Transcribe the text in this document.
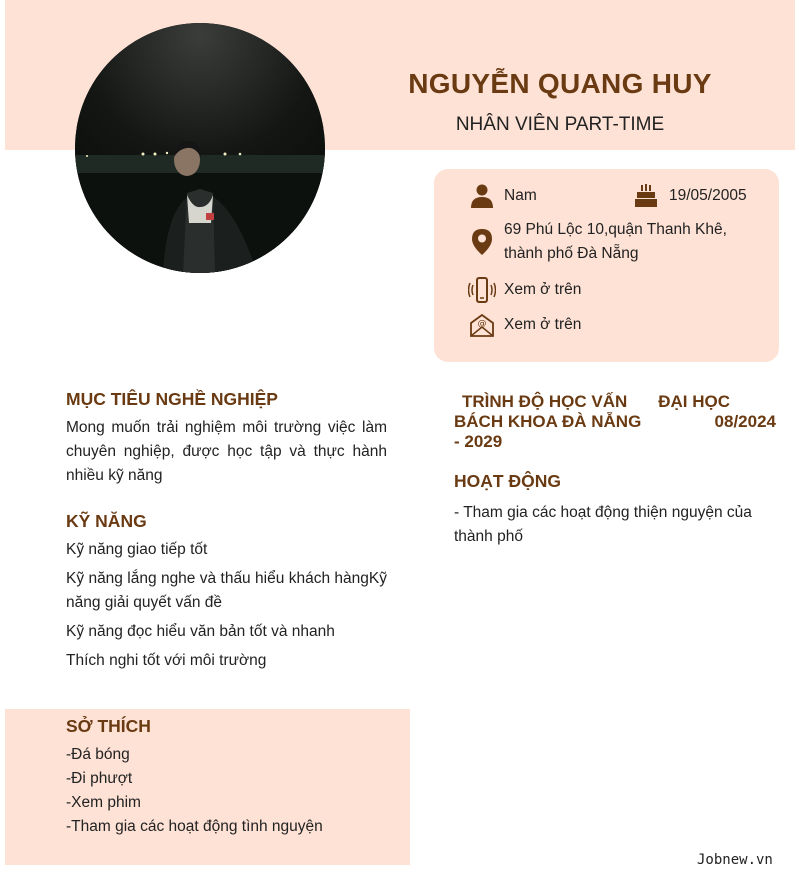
NGUYỄN QUANG HUY
NHÂN VIÊN PART-TIME
Nam	19/05/2005
69 Phú Lộc 10,quận Thanh Khê,
thành phố Đà Nẵng
Xem ở trên
@ Xem ở trên
MỤC TIÊU NGHỀ NGHIỆP
Mong muốn trải nghiệm môi trường việc làm chuyên nghiệp, được học tập và thực hành nhiều kỹ năng
KỸ NĂNG
Kỹ năng giao tiếp tốt
Kỹ năng lắng nghe và thấu hiểu khách hàngKỹ năng giải quyết vấn đề
Kỹ năng đọc hiểu văn bản tốt và nhanh
Thích nghi tốt với môi trường
SỞ THÍCH
-Đá bóng
-Đi phượt
-Xem phim
-Tham gia các hoạt động tình nguyện
TRÌNH ĐỘ HỌC VẤN ĐẠI HỌC
BÁCH KHOA ĐÀ NẴNG	08/2024
- 2029
HOẠT ĐỘNG
- Tham gia các hoạt động thiện nguyện của thành phố
Jobnew.vn
